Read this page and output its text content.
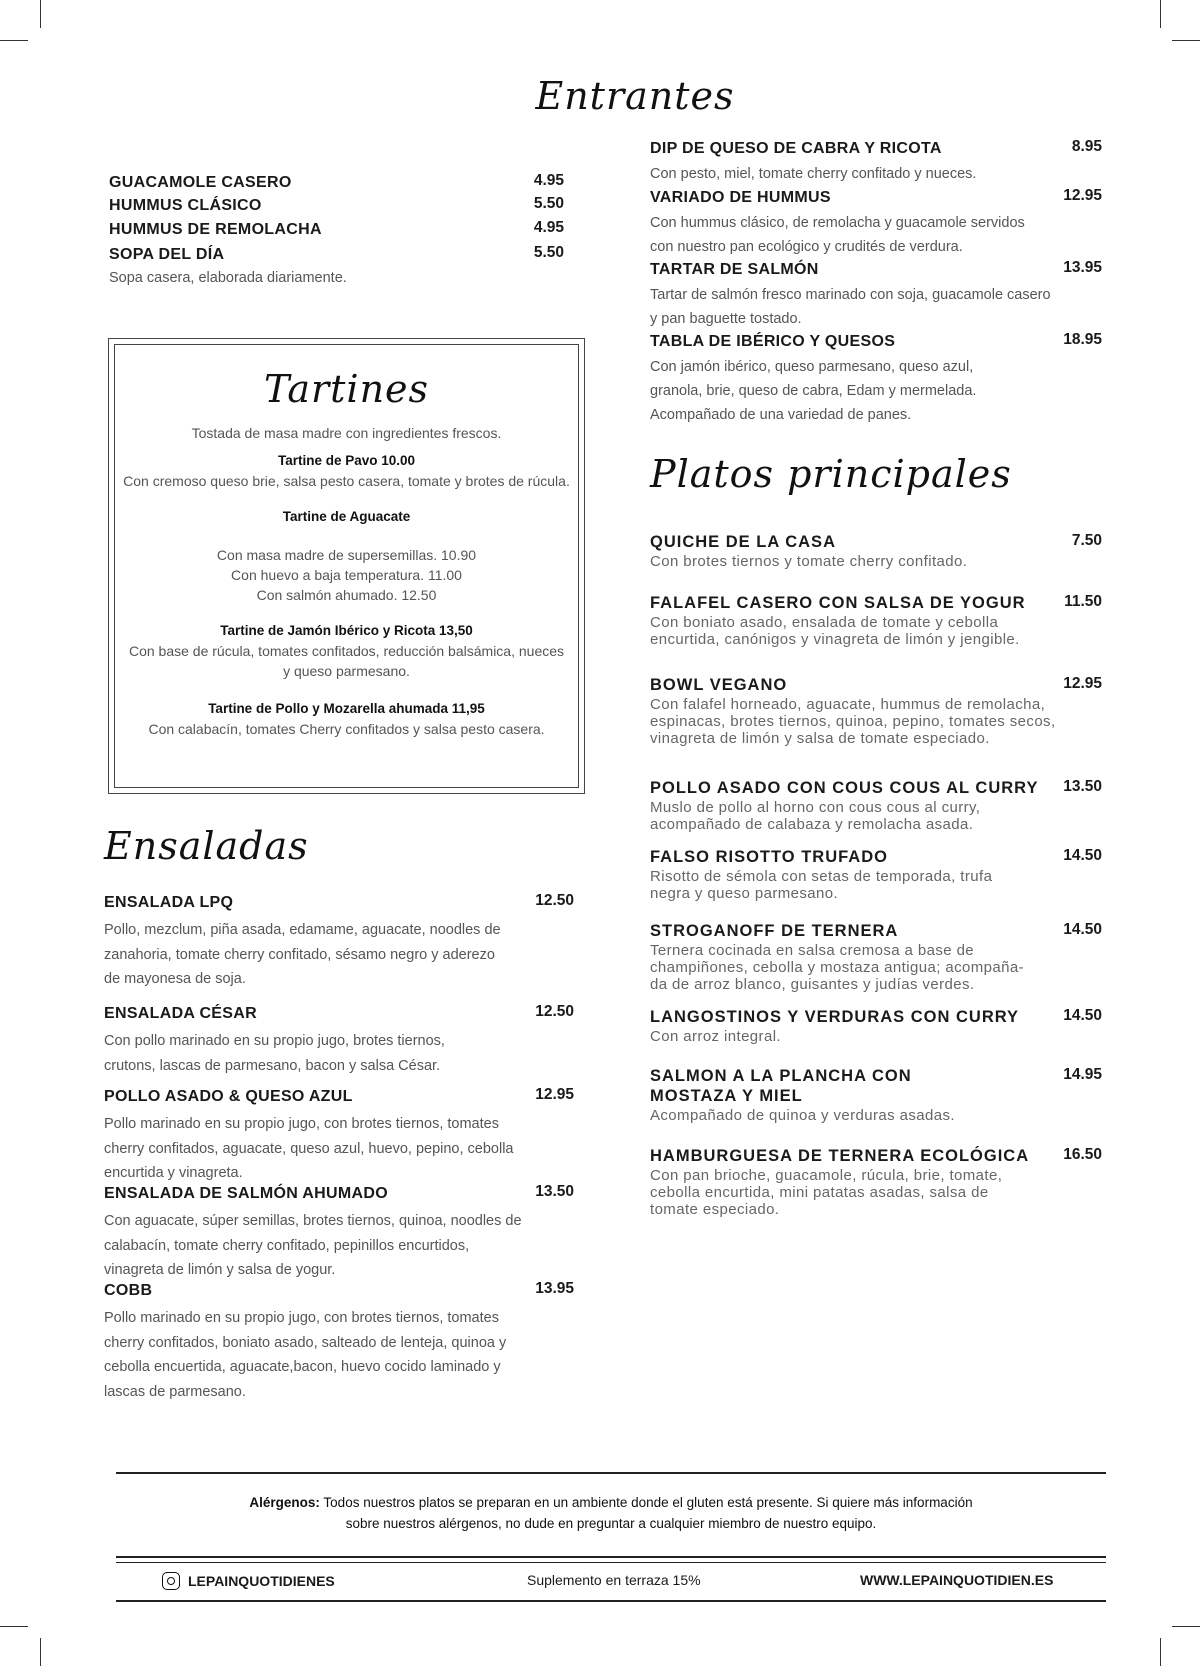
Entrantes
GUACAMOLE CASERO	4.95
HUMMUS CLÁSICO	5.50
HUMMUS DE REMOLACHA	4.95
SOPA DEL DÍA	5.50
Sopa casera, elaborada diariamente.
DIP DE QUESO DE CABRA Y RICOTA	8.95
Con pesto, miel, tomate cherry confitado y nueces.
VARIADO DE HUMMUS	12.95
Con hummus clásico, de remolacha y guacamole servidos
con nuestro pan ecológico y crudités de verdura.
TARTAR DE SALMÓN	13.95
Tartar de salmón fresco marinado con soja, guacamole casero
y pan baguette tostado.
TABLA DE IBÉRICO Y QUESOS	18.95
Con jamón ibérico, queso parmesano, queso azul,
granola, brie, queso de cabra, Edam y mermelada.
Acompañado de una variedad de panes.
Tartines
Tostada de masa madre con ingredientes frescos.
Tartine de Pavo 10.00
Con cremoso queso brie, salsa pesto casera, tomate y brotes de rúcula.
Tartine de Aguacate
Con masa madre de supersemillas. 10.90
Con huevo a baja temperatura. 11.00
Con salmón ahumado. 12.50
Tartine de Jamón Ibérico y Ricota 13,50
Con base de rúcula, tomates confitados, reducción balsámica, nueces
y queso parmesano.
Tartine de Pollo y Mozarella ahumada 11,95
Con calabacín, tomates Cherry confitados y salsa pesto casera.
Platos principales
QUICHE DE LA CASA	7.50
Con brotes tiernos y tomate cherry confitado.
FALAFEL CASERO CON SALSA DE YOGUR	11.50
Con boniato asado, ensalada de tomate y cebolla
encurtida, canónigos y vinagreta de limón y jengible.
BOWL VEGANO	12.95
Con falafel horneado, aguacate, hummus de remolacha,
espinacas, brotes tiernos, quinoa, pepino, tomates secos,
vinagreta de limón y salsa de tomate especiado.
POLLO ASADO CON COUS COUS AL CURRY	13.50
Muslo de pollo al horno con cous cous al curry,
acompañado de calabaza y remolacha asada.
FALSO RISOTTO TRUFADO	14.50
Risotto de sémola con setas de temporada, trufa
negra y queso parmesano.
STROGANOFF DE TERNERA	14.50
Ternera cocinada en salsa cremosa a base de
champiñones, cebolla y mostaza antigua; acompaña-
da de arroz blanco, guisantes y judías verdes.
LANGOSTINOS Y VERDURAS CON CURRY	14.50
Con arroz integral.
SALMON A LA PLANCHA CON
MOSTAZA Y MIEL
14.95
Acompañado de quinoa y verduras asadas.
HAMBURGUESA DE TERNERA ECOLÓGICA	16.50
Con pan brioche, guacamole, rúcula, brie, tomate,
cebolla encurtida, mini patatas asadas, salsa de
tomate especiado.
Ensaladas
ENSALADA LPQ	12.50
Pollo, mezclum, piña asada, edamame, aguacate, noodles de
zanahoria, tomate cherry confitado, sésamo negro y aderezo
de mayonesa de soja.
ENSALADA CÉSAR	12.50
Con pollo marinado en su propio jugo, brotes tiernos,
crutons, lascas de parmesano, bacon y salsa César.
POLLO ASADO & QUESO AZUL	12.95
Pollo marinado en su propio jugo, con brotes tiernos, tomates
cherry confitados, aguacate, queso azul, huevo, pepino, cebolla
encurtida y vinagreta.
ENSALADA DE SALMÓN AHUMADO	13.50
Con aguacate, súper semillas, brotes tiernos, quinoa, noodles de
calabacín, tomate cherry confitado, pepinillos encurtidos,
vinagreta de limón y salsa de yogur.
COBB	13.95
Pollo marinado en su propio jugo, con brotes tiernos, tomates
cherry confitados, boniato asado, salteado de lenteja, quinoa y
cebolla encuertida, aguacate,bacon, huevo cocido laminado y
lascas de parmesano.
Alérgenos: Todos nuestros platos se preparan en un ambiente donde el gluten está presente. Si quiere más información
sobre nuestros alérgenos, no dude en preguntar a cualquier miembro de nuestro equipo.
LEPAINQUOTIDIENES	Suplemento en terraza 15%	WWW.LEPAINQUOTIDIEN.ES
